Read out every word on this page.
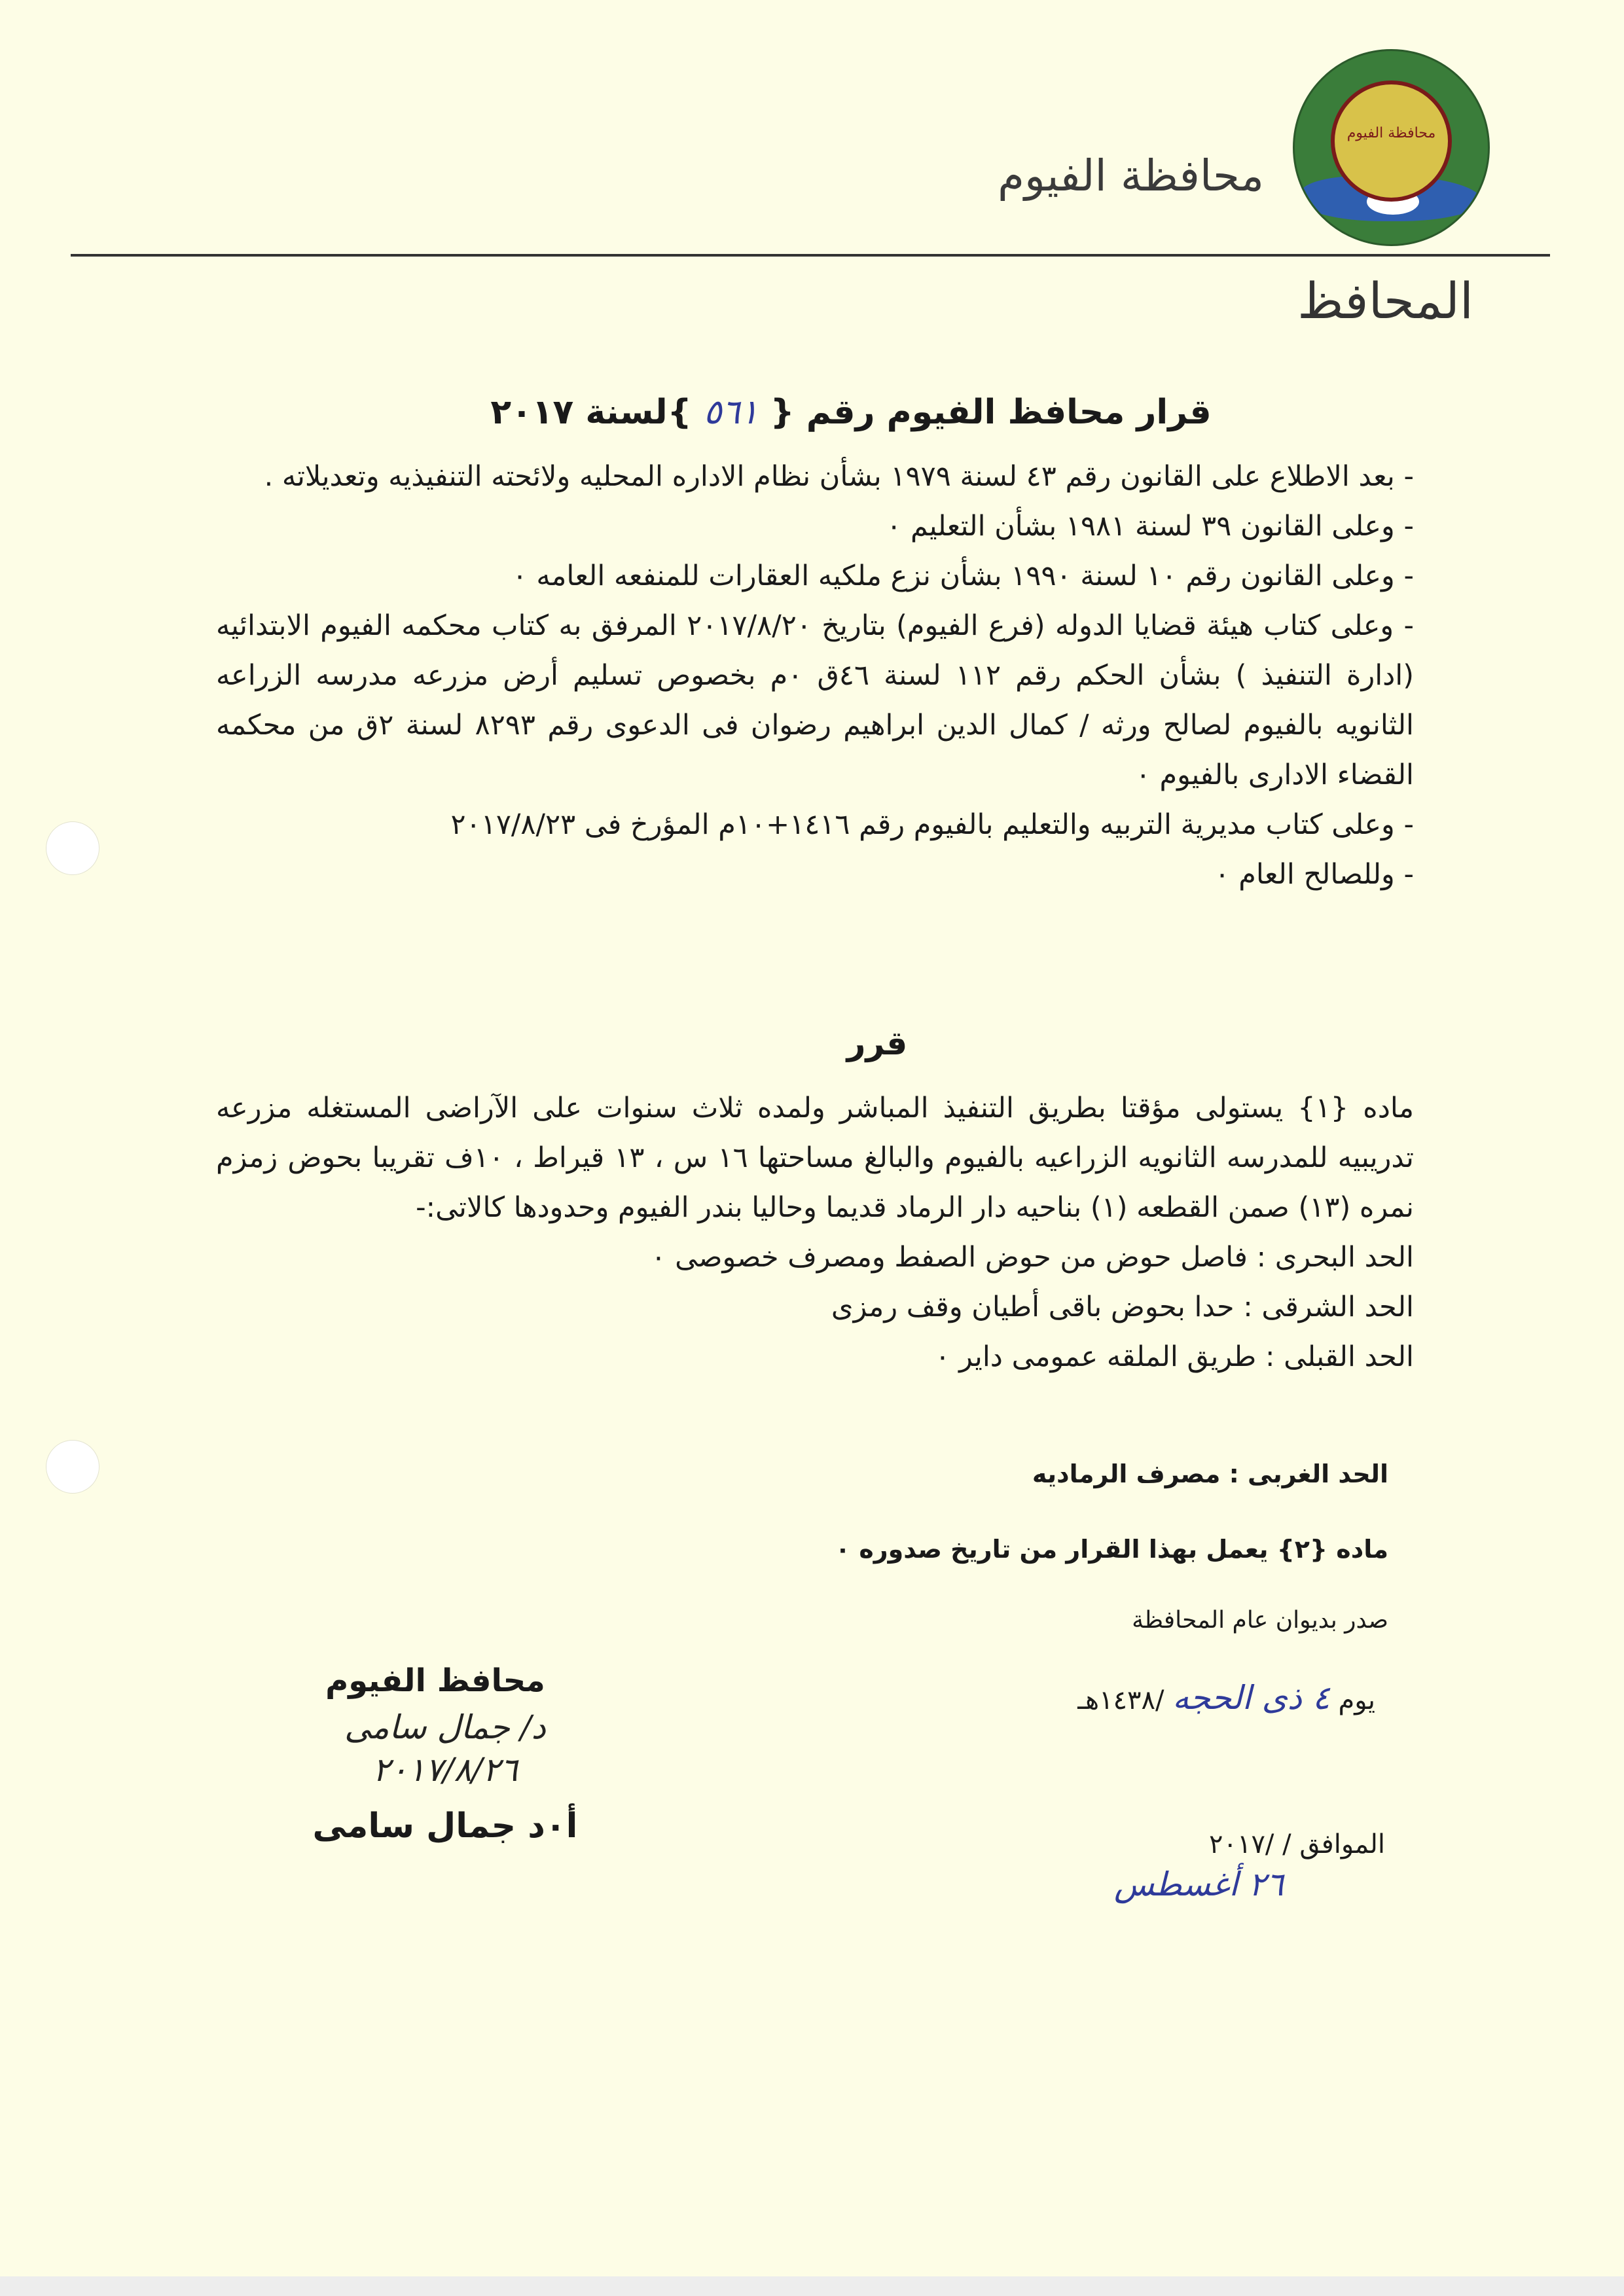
محافظة الفيوم
محافظة الفيوم
المحافظ
قرار محافظ الفيوم رقم { ٥٦١ }لسنة ٢٠١٧

- بعد الاطلاع على القانون رقم ٤٣ لسنة ١٩٧٩ بشأن نظام الاداره المحليه ولائحته التنفيذيه وتعديلاته .

- وعلى القانون ٣٩ لسنة ١٩٨١ بشأن التعليم ٠

- وعلى القانون رقم ١٠ لسنة ١٩٩٠ بشأن نزع ملكيه العقارات للمنفعه العامه ٠

- وعلى كتاب هيئة قضايا الدوله (فرع الفيوم) بتاريخ ٢٠١٧/٨/٢٠ المرفق به كتاب محكمه الفيوم الابتدائيه (ادارة التنفيذ ) بشأن الحكم رقم ١١٢ لسنة ٤٦ق ٠م بخصوص تسليم أرض مزرعه مدرسه الزراعه الثانويه بالفيوم لصالح ورثه / كمال الدين ابراهيم رضوان فى الدعوى رقم ٨٢٩٣ لسنة ٢ق من محكمه القضاء الادارى بالفيوم ٠

- وعلى كتاب مديرية التربيه والتعليم بالفيوم رقم ١٤١٦+١٠م المؤرخ فى ٢٠١٧/٨/٢٣

- وللصالح العام ٠

قرر

ماده {١} يستولى مؤقتا بطريق التنفيذ المباشر ولمده ثلاث سنوات على الآراضى المستغله مزرعه تدريبيه للمدرسه الثانويه الزراعيه بالفيوم والبالغ مساحتها ١٦ س ، ١٣ قيراط ، ١٠ف تقريبا بحوض زمزم نمره (١٣) صمن القطعه (١) بناحيه دار الرماد قديما وحاليا بندر الفيوم وحدودها كالاتى:-

الحد البحرى : فاصل حوض من حوض الصفط ومصرف خصوصى ٠

الحد الشرقى : حدا بحوض باقى أطيان وقف رمزى

الحد القبلى : طريق الملقه عمومى داير ٠

الحد الغربى : مصرف الرماديه
ماده {٢} يعمل بهذا القرار من تاريخ صدوره ٠
صدر بديوان عام المحافظة
يوم ٤ ذى الحجه /١٤٣٨هـ
الموافق / /٢٠١٧
٢٦ أغسطس
محافظ الفيوم
د/ جمال سامى
٢٠١٧/٨/٢٦
أ٠د جمال سامى
